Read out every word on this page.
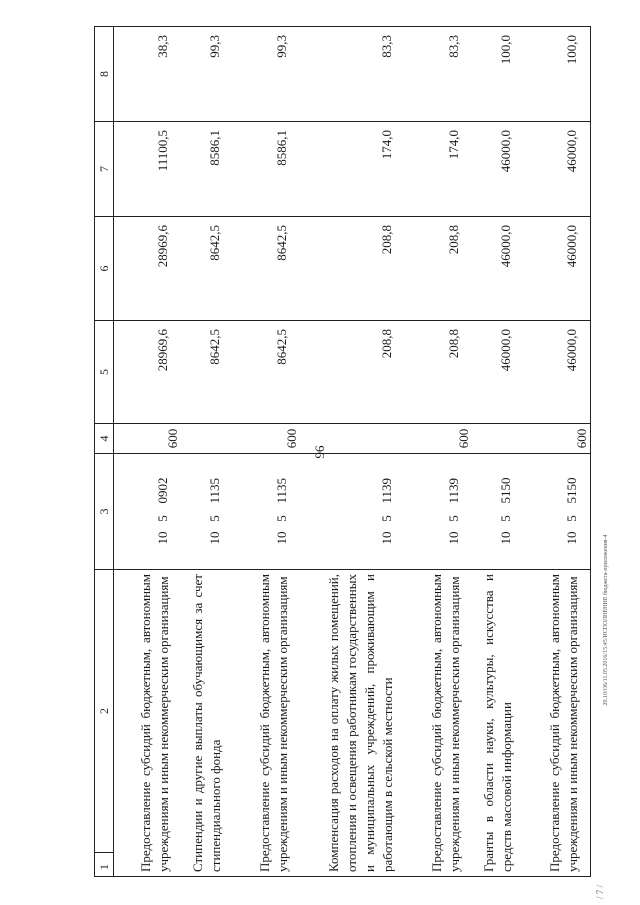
96
20.10/О6/11.05.2016/15:45/ИСПОЛНЕНИЕ бюджета-приложения-4
/ 7 /
1	2	3			4	5	6	7	8
Предоставление субсидий бюджетным, автономным учреждениям и иным некоммерческим организациям		10	5	0902	600	28969,6	28969,6	11100,5	38,3
Стипендии и другие выплаты обучающимся за счет стипендиального фонда		10	5	1135		8642,5	8642,5	8586,1	99,3
Предоставление субсидий бюджетным, автономным учреждениям и иным некоммерческим организациям		10	5	1135	600	8642,5	8642,5	8586,1	99,3
Компенсация расходов на оплату жилых помещений, отопления и освещения работникам государственных и муниципальных учреждений, проживающим и работающим в сельской местности		10	5	1139		208,8	208,8	174,0	83,3
Предоставление субсидий бюджетным, автономным учреждениям и иным некоммерческим организациям		10	5	1139	600	208,8	208,8	174,0	83,3
Гранты в области науки, культуры, искусства и средств массовой информации		10	5	5150		46000,0	46000,0	46000,0	100,0
Предоставление субсидий бюджетным, автономным учреждениям и иным некоммерческим организациям		10	5	5150	600	46000,0	46000,0	46000,0	100,0
